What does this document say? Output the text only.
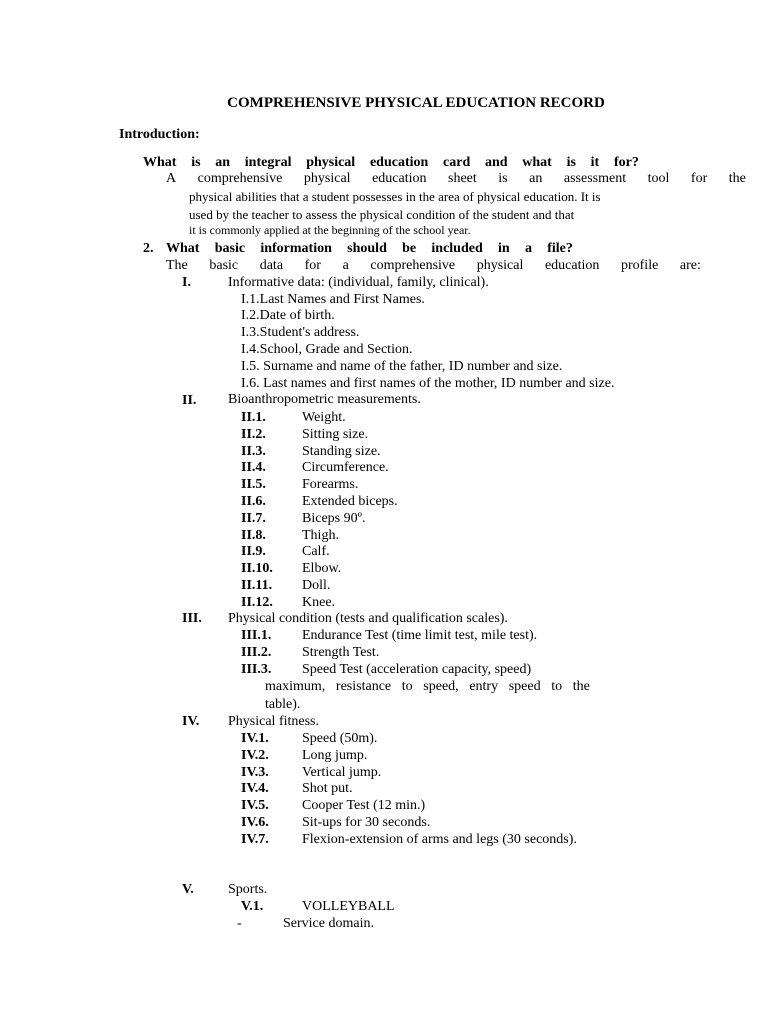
COMPREHENSIVE PHYSICAL EDUCATION RECORD
Introduction:
What is an integral physical education card and what is it for?
A comprehensive physical education sheet is an assessment tool for the
physical abilities that a student possesses in the area of physical education. It is
used by the teacher to assess the physical condition of the student and that
it is commonly applied at the beginning of the school year.
2. What basic information should be included in a file?
The basic data for a comprehensive physical education profile are:
I.	Informative data: (individual, family, clinical).
I.1.Last Names and First Names.
I.2.Date of birth.
I.3.Student's address.
I.4.School, Grade and Section.
I.5. Surname and name of the father, ID number and size.
I.6. Last names and first names of the mother, ID number and size.
II. Bioanthropometric measurements.
II.1.	Weight.
II.2.	Sitting size.
II.3.	Standing size.
II.4.	Circumference.
II.5.	Forearms.
II.6.	Extended biceps.
II.7.	Biceps 90º.
II.8.	Thigh.
II.9.	Calf.
II.10. Elbow.
II.11. Doll.
II.12. Knee.
III. Physical condition (tests and qualification scales).
III.1. Endurance Test (time limit test, mile test).
III.2. Strength Test.
III.3. Speed Test (acceleration capacity, speed)
maximum, resistance to speed, entry speed to the
table).
IV. Physical fitness.
IV.1. Speed (50m).
IV.2. Long jump.
IV.3. Vertical jump.
IV.4. Shot put.
IV.5. Cooper Test (12 min.)
IV.6. Sit-ups for 30 seconds.
IV.7. Flexion-extension of arms and legs (30 seconds).
V. Sports.
V.1.	VOLLEYBALL
-	Service domain.
